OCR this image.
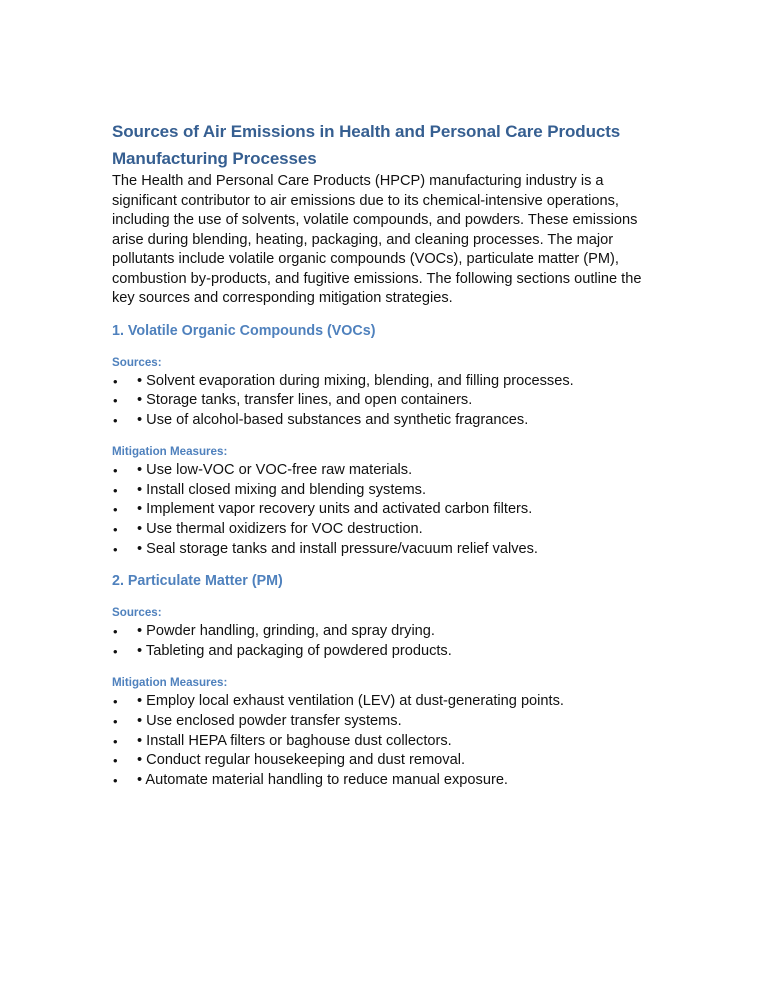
Sources of Air Emissions in Health and Personal Care Products Manufacturing Processes

The Health and Personal Care Products (HPCP) manufacturing industry is a significant contributor to air emissions due to its chemical-intensive operations, including the use of solvents, volatile compounds, and powders. These emissions arise during blending, heating, packaging, and cleaning processes. The major pollutants include volatile organic compounds (VOCs), particulate matter (PM), combustion by-products, and fugitive emissions. The following sections outline the key sources and corresponding mitigation strategies.

1. Volatile Organic Compounds (VOCs)
Sources:
• • Solvent evaporation during mixing, blending, and filling processes.
• • Storage tanks, transfer lines, and open containers.
• • Use of alcohol-based substances and synthetic fragrances.
Mitigation Measures:
• • Use low-VOC or VOC-free raw materials.
• • Install closed mixing and blending systems.
• • Implement vapor recovery units and activated carbon filters.
• • Use thermal oxidizers for VOC destruction.
• • Seal storage tanks and install pressure/vacuum relief valves.
2. Particulate Matter (PM)
Sources:
• • Powder handling, grinding, and spray drying.
• • Tableting and packaging of powdered products.
Mitigation Measures:
• • Employ local exhaust ventilation (LEV) at dust-generating points.
• • Use enclosed powder transfer systems.
• • Install HEPA filters or baghouse dust collectors.
• • Conduct regular housekeeping and dust removal.
• • Automate material handling to reduce manual exposure.
